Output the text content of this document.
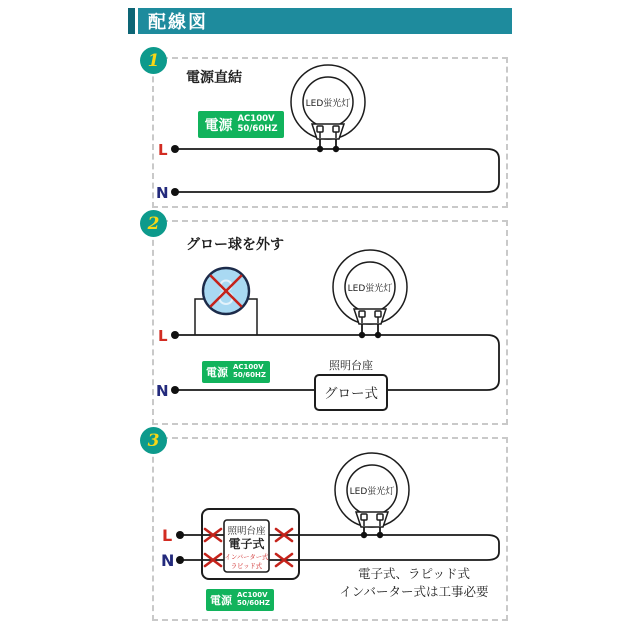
配線図
LED蛍光灯
L
N
1
電源直結
電源 AC100V
50/60HZ
LED蛍光灯
照明台座
グロー式
L
N
2
グロー球を外す
電源 AC100V
50/60HZ
LED蛍光灯
照明台座
電子式
インバーター式
ラピッド式
L
N
3
電子式、ラピッド式
インバーター式は工事必要
電源 AC100V
50/60HZ
